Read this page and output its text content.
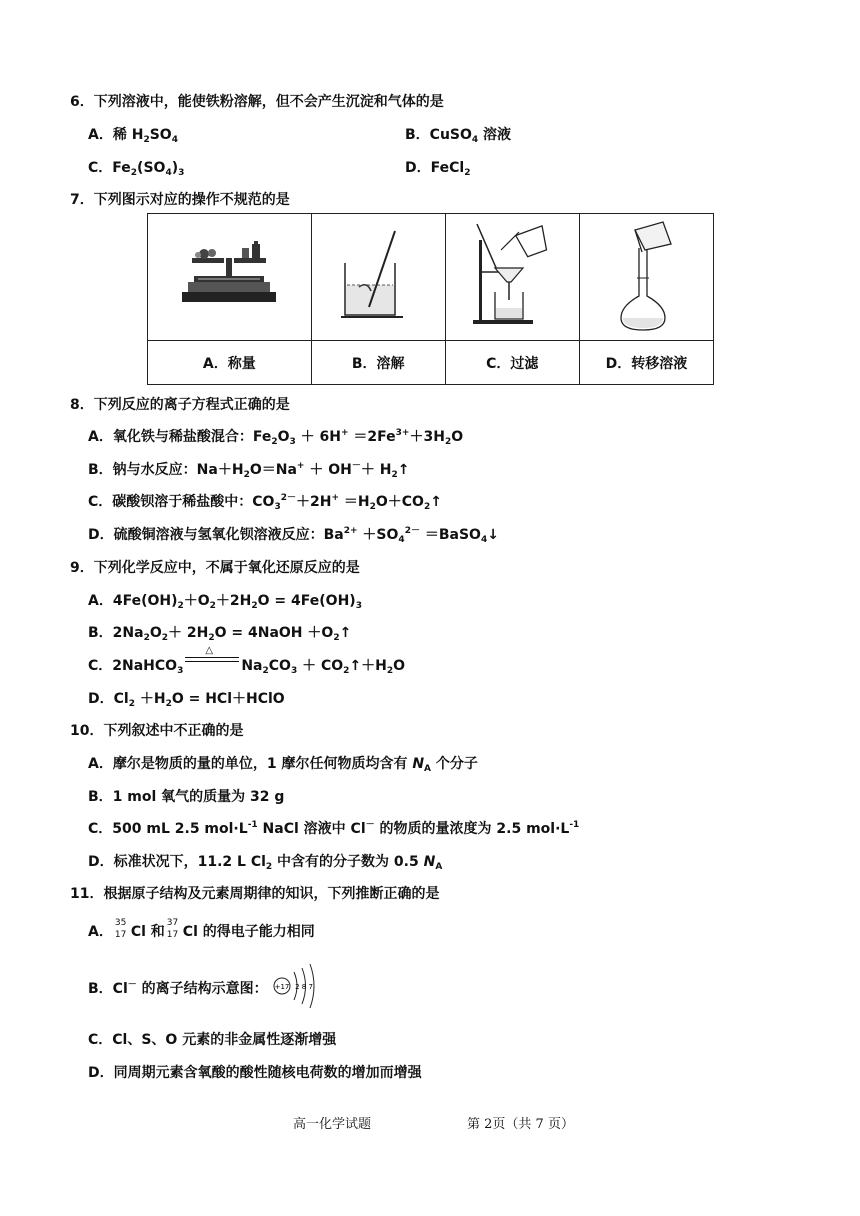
6．下列溶液中，能使铁粉溶解，但不会产生沉淀和气体的是
A．稀 $H_2SO_4$	B．CuSO$_4$ 溶液
C．$Fe_2(SO_4)_3$	D．FeCl$_2$
7．下列图示对应的操作不规范的是

A．称量	B．溶解	C．过滤	D．转移溶液
8．下列反应的离子方程式正确的是
A．氧化铁与稀盐酸混合：$Fe_2O_3 + 6H^+ =2Fe^{3+}+3H_2O$
B．钠与水反应：$Na+H_2O=Na^+ + OH^-+$ $H_2↑$
C．碳酸钡溶于稀盐酸中：$CO_3^{2-}+2H^+$ $=H_2O+CO_2↑$
D．硫酸铜溶液与氢氧化钡溶液反应：$Ba^{2+} +SO_4^{2-}$ ＝BaSO$_4$↓
9．下列化学反应中，不属于氧化还原反应的是
A．$4Fe(OH)_2+O_2+2H_2O = 4Fe(OH)_3$
B．$2Na_2O_2+ 2H_2O$ = 4NaOH $+O_2↑$
C．2NaHCO$_3$
△
$Na_2CO_3$ ＋ $CO_2↑+H_2O$
D．$Cl_2 +H_2O$ = HCl＋HClO
10．下列叙述中不正确的是
A．摩尔是物质的量的单位，1 摩尔任何物质均含有 $N_A$ 个分子
B．1 mol 氧气的质量为 32 g
C．500 mL 2.5 $mol\cdot L^{-1}$ NaCl 溶液中 Cl－ 的物质的量浓度为 2.5 $mol\cdot L^{-1}$
D．标准状况下，11.2 L $Cl_2$ 中含有的分子数为 0.5 $N_A$
11．根据原子结构及元素周期律的知识，下列推断正确的是
A．
35
17 Cl 和
37
17 Cl 的得电子能力相同
B．Cl－ 的离子结构示意图： +17 2 8 7
C．Cl、S、O 元素的非金属性逐渐增强
D．同周期元素含氧酸的酸性随核电荷数的增加而增强
高一化学试题	第 2页（共 7 页）
